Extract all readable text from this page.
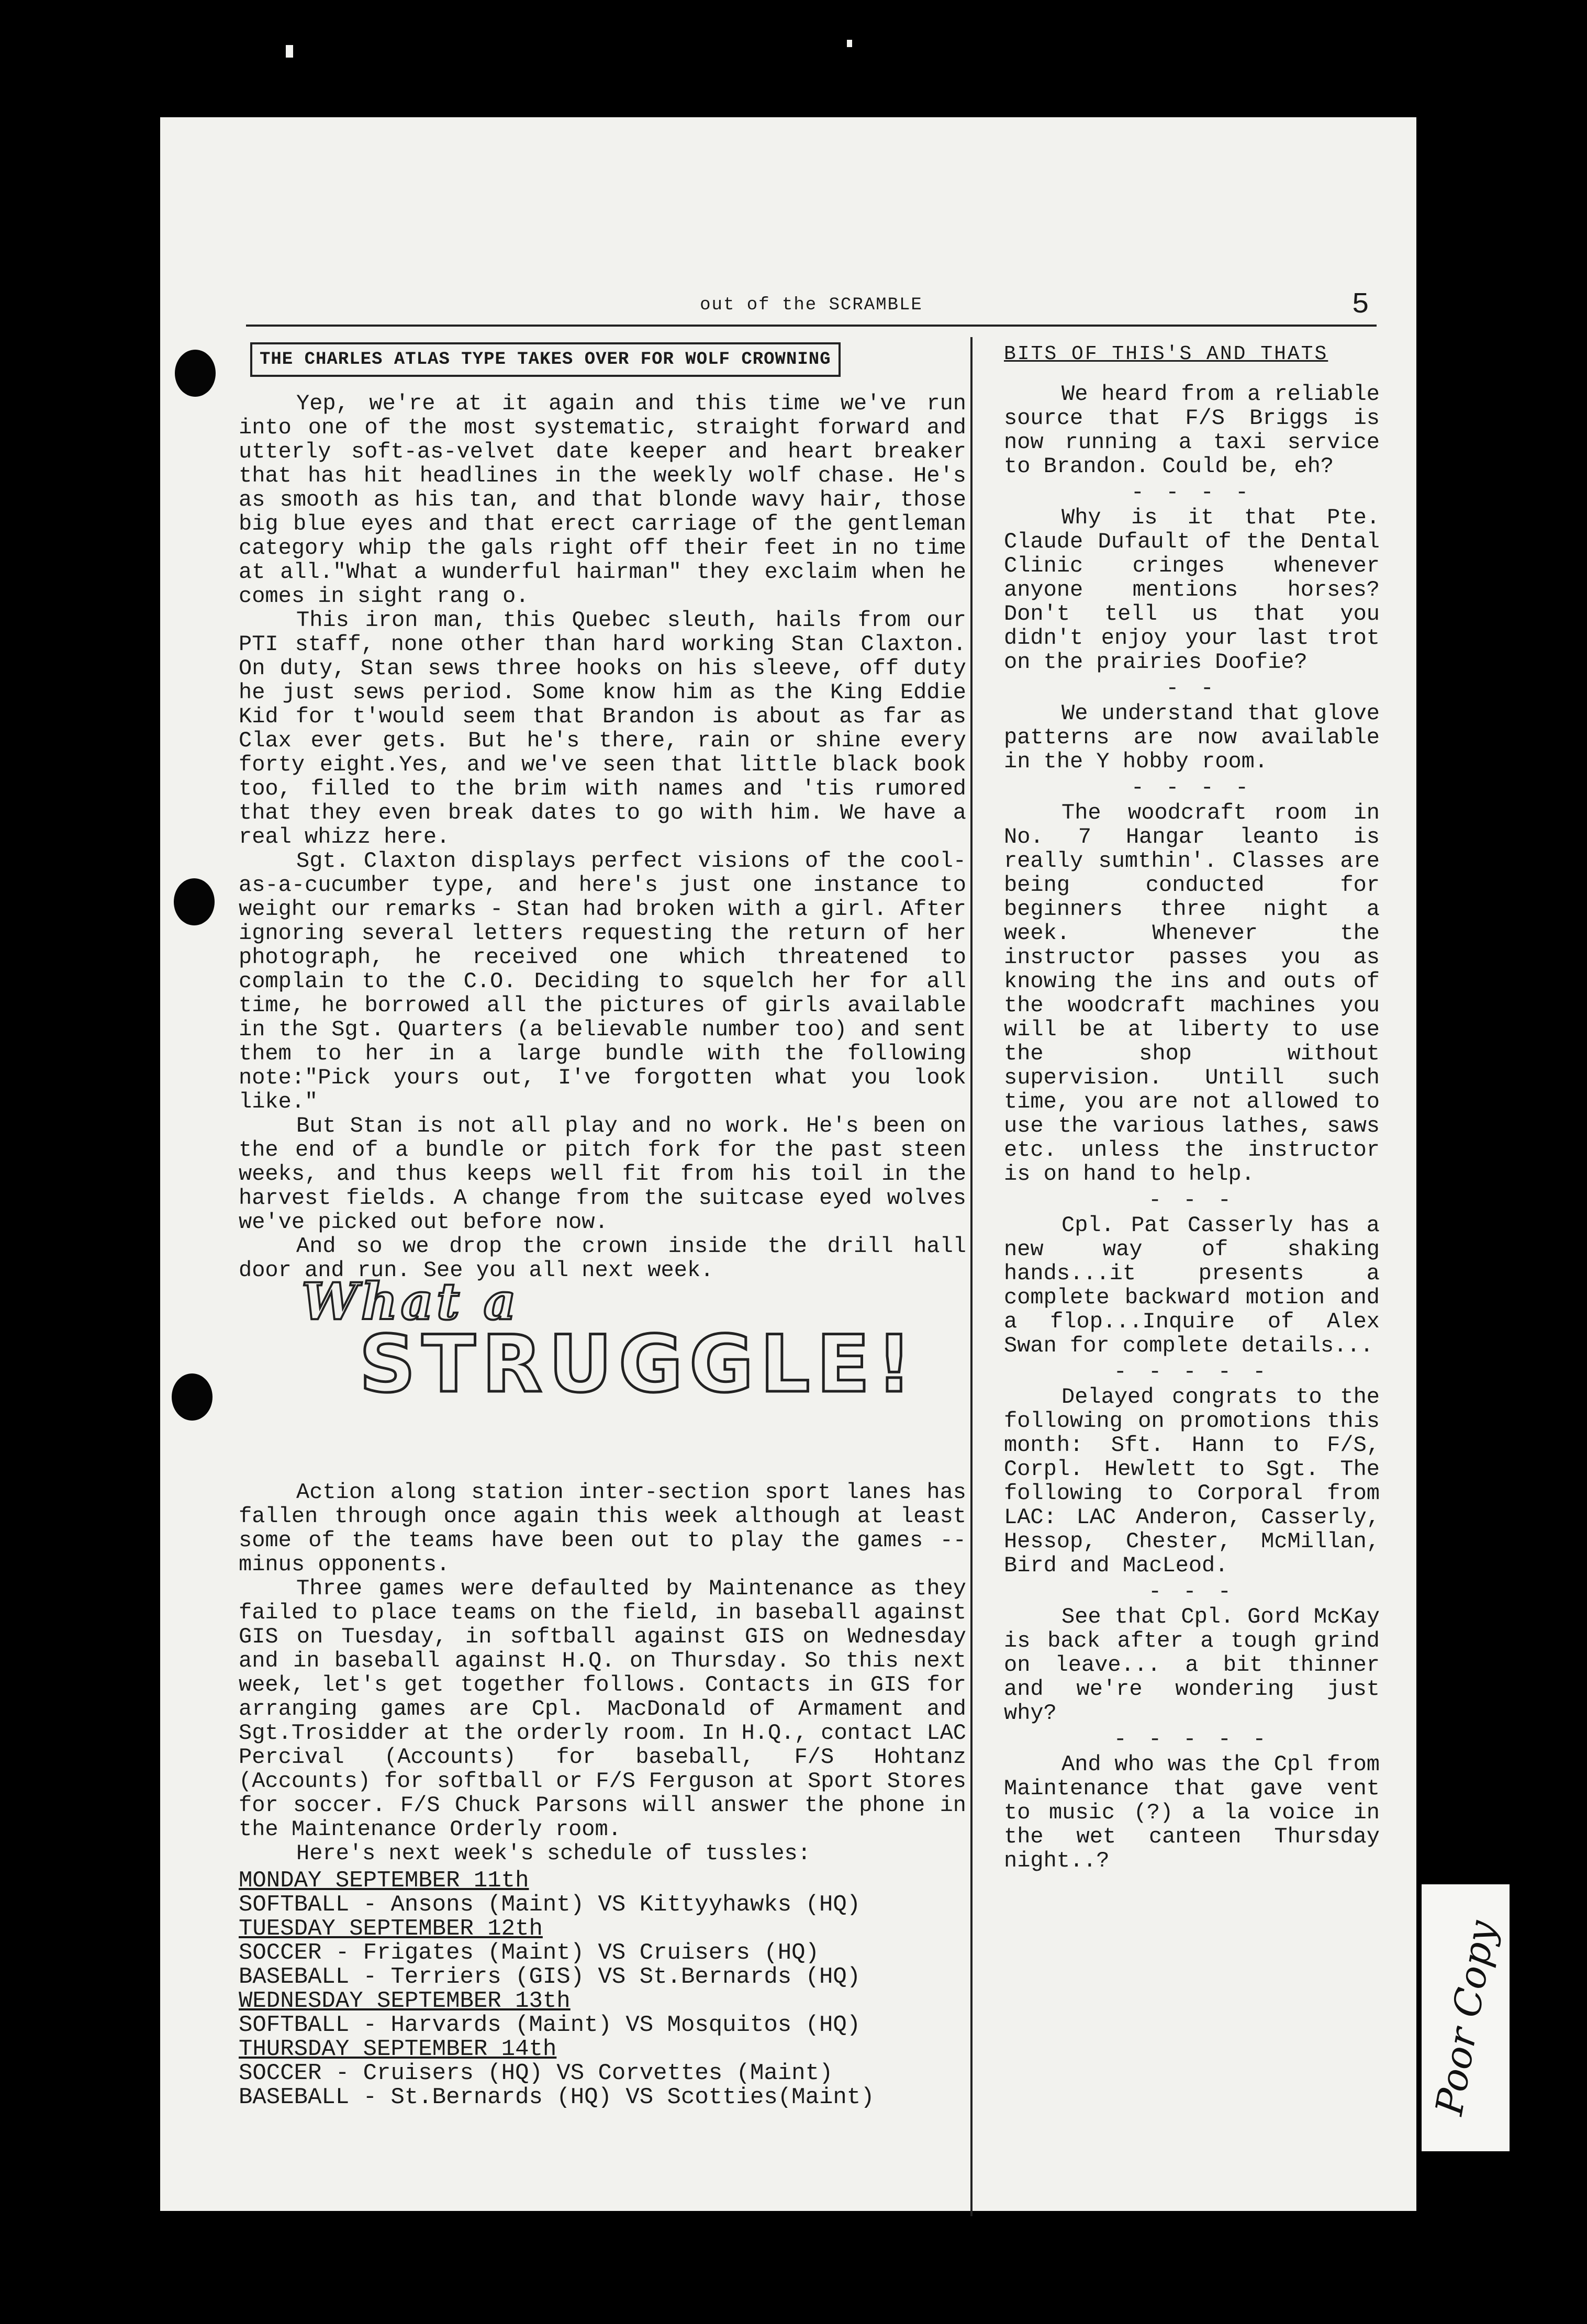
out of the SCRAMBLE	5
THE CHARLES ATLAS TYPE TAKES OVER FOR WOLF CROWNING

Yep, we're at it again and this time we've run into one of the most systematic, straight forward and utterly soft-as-velvet date keeper and heart breaker that has hit headlines in the weekly wolf chase. He's as smooth as his tan, and that blonde wavy hair, those big blue eyes and that erect carriage of the gentleman category whip the gals right off their feet in no time at all."What a wunderful hairman" they exclaim when he comes in sight rang o.

This iron man, this Quebec sleuth, hails from our PTI staff, none other than hard working Stan Claxton. On duty, Stan sews three hooks on his sleeve, off duty he just sews period. Some know him as the King Eddie Kid for t'would seem that Brandon is about as far as Clax ever gets. But he's there, rain or shine every forty eight.Yes, and we've seen that little black book too, filled to the brim with names and 'tis rumored that they even break dates to go with him. We have a real whizz here.

Sgt. Claxton displays perfect visions of the cool-as-a-cucumber type, and here's just one instance to weight our remarks - Stan had broken with a girl. After ignoring several letters requesting the return of her photograph, he received one which threatened to complain to the C.O. Deciding to squelch her for all time, he borrowed all the pictures of girls available in the Sgt. Quarters (a believable number too) and sent them to her in a large bundle with the following note:"Pick yours out, I've forgotten what you look like."

But Stan is not all play and no work. He's been on the end of a bundle or pitch fork for the past steen weeks, and thus keeps well fit from his toil in the harvest fields. A change from the suitcase eyed wolves we've picked out before now.

And so we drop the crown inside the drill hall door and run. See you all next week.

What a
STRUGGLE!

Action along station inter-section sport lanes has fallen through once again this week although at least some of the teams have been out to play the games -- minus opponents.

Three games were defaulted by Maintenance as they failed to place teams on the field, in baseball against GIS on Tuesday, in softball against GIS on Wednesday and in baseball against H.Q. on Thursday. So this next week, let's get together follows. Contacts in GIS for arranging games are Cpl. MacDonald of Armament and Sgt.Trosidder at the orderly room. In H.Q., contact LAC Percival (Accounts) for baseball, F/S Hohtanz (Accounts) for softball or F/S Ferguson at Sport Stores for soccer. F/S Chuck Parsons will answer the phone in the Maintenance Orderly room.

Here's next week's schedule of tussles:

MONDAY SEPTEMBER 11th
SOFTBALL - Ansons (Maint) VS Kittyyhawks (HQ)
TUESDAY SEPTEMBER 12th
SOCCER - Frigates (Maint) VS Cruisers (HQ)
BASEBALL - Terriers (GIS) VS St.Bernards (HQ)
WEDNESDAY SEPTEMBER 13th
SOFTBALL - Harvards (Maint) VS Mosquitos (HQ)
THURSDAY SEPTEMBER 14th
SOCCER - Cruisers (HQ) VS Corvettes (Maint)
BASEBALL - St.Bernards (HQ) VS Scotties(Maint)
BITS OF THIS'S AND THATS

We heard from a reliable source that F/S Briggs is now running a taxi service to Brandon. Could be, eh?

- - - -

Why is it that Pte. Claude Dufault of the Dental Clinic cringes whenever anyone mentions horses? Don't tell us that you didn't enjoy your last trot on the prairies Doofie?

- -

We understand that glove patterns are now available in the Y hobby room.

- - - -

The woodcraft room in No. 7 Hangar leanto is really sumthin'. Classes are being conducted for beginners three night a week. Whenever the instructor passes you as knowing the ins and outs of the woodcraft machines you will be at liberty to use the shop without supervision. Untill such time, you are not allowed to use the various lathes, saws etc. unless the instructor is on hand to help.

- - -

Cpl. Pat Casserly has a new way of shaking hands...it presents a complete backward motion and a flop...Inquire of Alex Swan for complete details...

- - - - -

Delayed congrats to the following on promotions this month: Sft. Hann to F/S, Corpl. Hewlett to Sgt. The following to Corporal from LAC: LAC Anderon, Casserly, Hessop, Chester, McMillan, Bird and MacLeod.

- - -

See that Cpl. Gord McKay is back after a tough grind on leave... a bit thinner and we're wondering just why?

- - - - -

And who was the Cpl from Maintenance that gave vent to music (?) a la voice in the wet canteen Thursday night..?

Poor Copy
